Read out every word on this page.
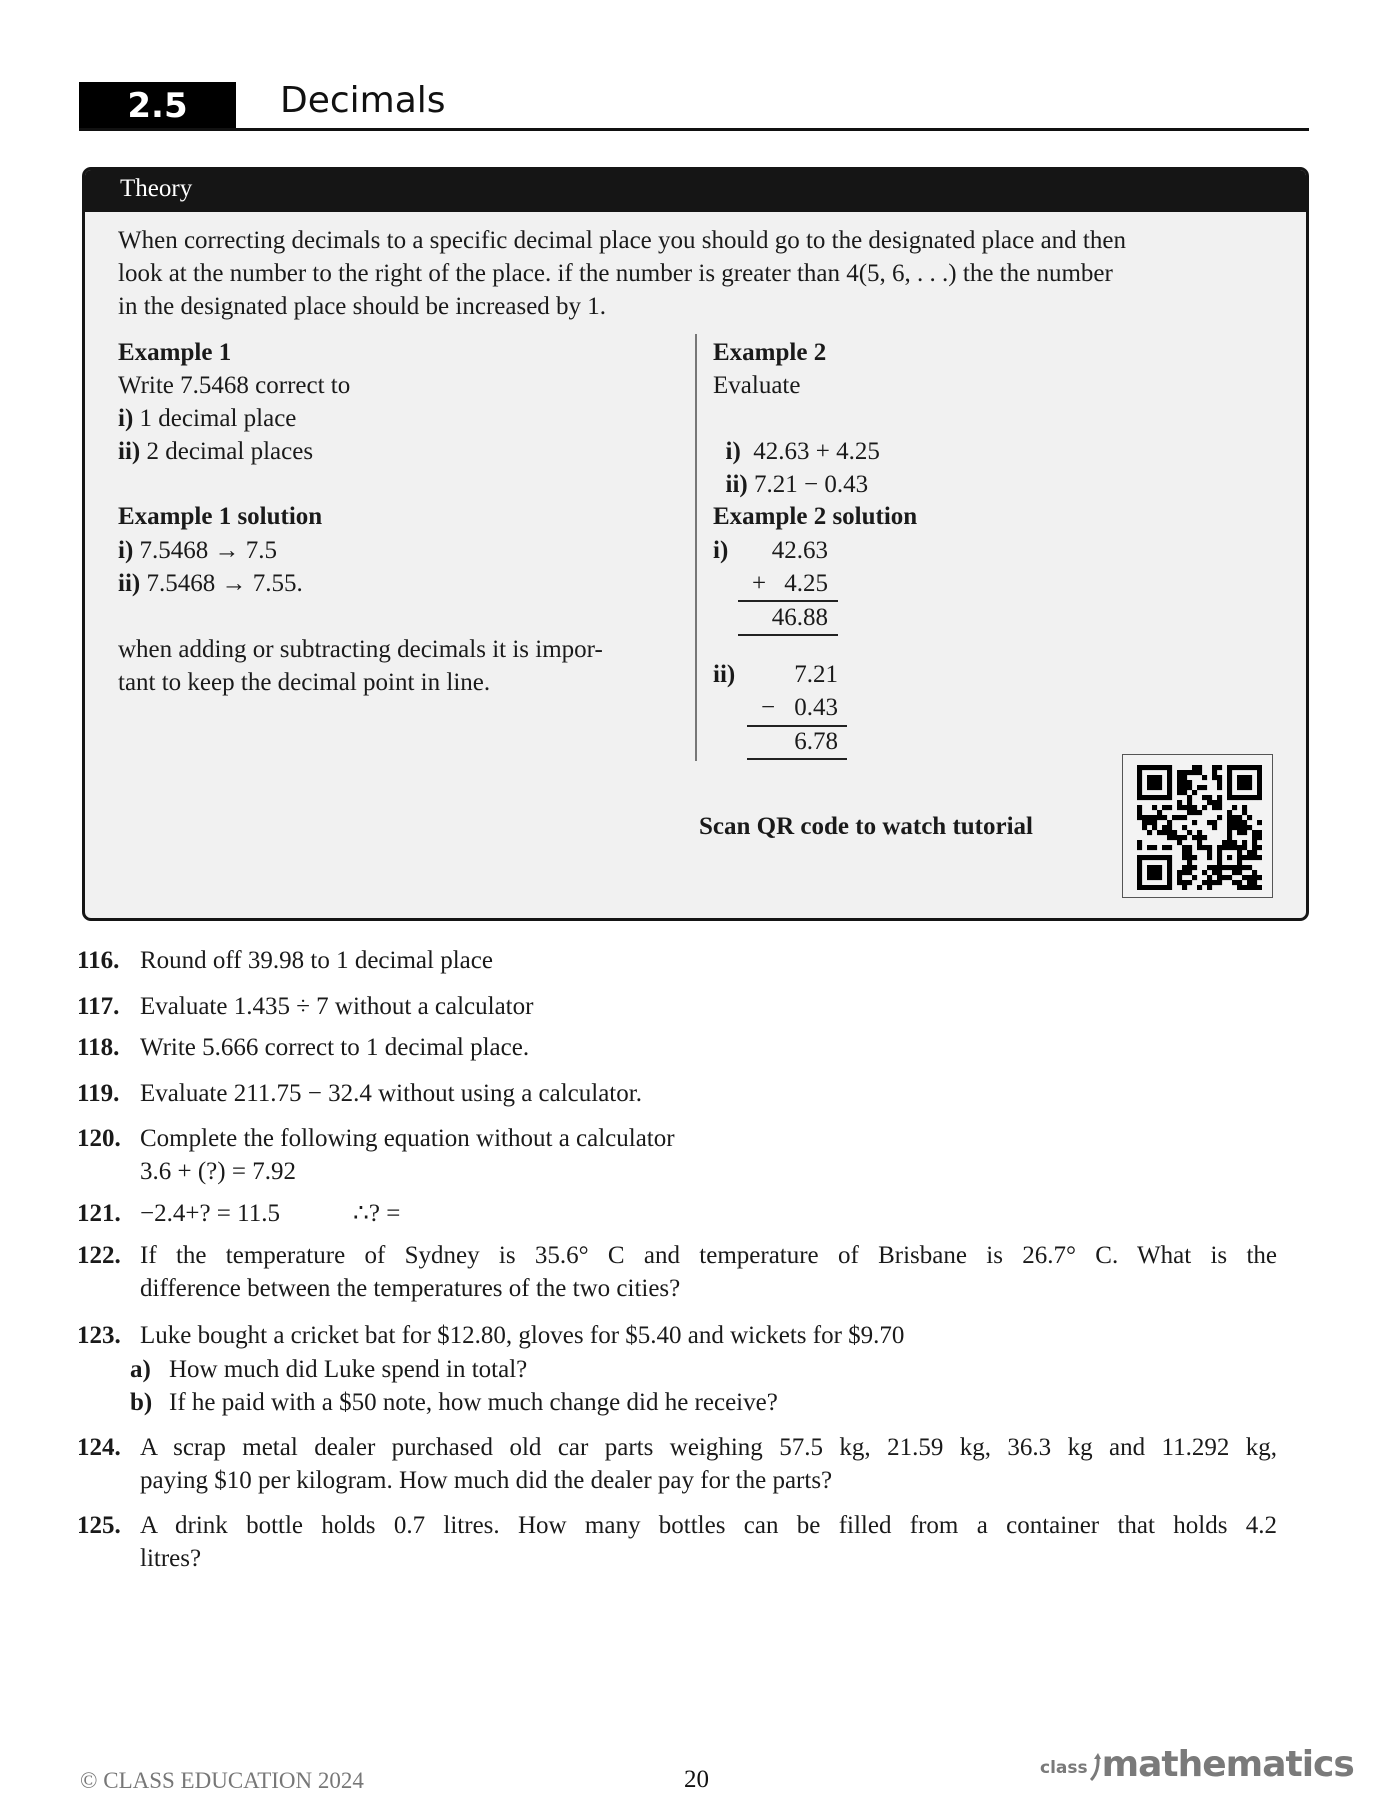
2.5	Decimals
Theory
When correcting decimals to a specific decimal place you should go to the designated place and then
look at the number to the right of the place. if the number is greater than 4(5, 6, . . .) the the number
in the designated place should be increased by 1.
Example 1
Write 7.5468 correct to
i) 1 decimal place
ii) 2 decimal places
Example 1 solution
i) 7.5468 → 7.5
ii) 7.5468 → 7.55.
when adding or subtracting decimals it is impor-
tant to keep the decimal point in line.
Example 2
Evaluate

i)  42.63 + 4.25

ii) 7.21 − 0.43

Example 2 solution
i)	42.63
+ 4.25
46.88
ii)	7.21
− 0.43
6.78
Scan QR code to watch tutorial
116. Round off 39.98 to 1 decimal place
117. Evaluate 1.435 ÷ 7 without a calculator
118. Write 5.666 correct to 1 decimal place.
119. Evaluate 211.75 − 32.4 without using a calculator.
120. Complete the following equation without a calculator
3.6 + (?) = 7.92
121. −2.4+? = 11.5	∴? =
122. If the temperature of Sydney is 35.6° C and temperature of Brisbane is 26.7° C. What is the
difference between the temperatures of the two cities?
123. Luke bought a cricket bat for $12.80, gloves for $5.40 and wickets for $9.70
a) How much did Luke spend in total?
b) If he paid with a $50 note, how much change did he receive?
124. A scrap metal dealer purchased old car parts weighing 57.5 kg, 21.59 kg, 36.3 kg and 11.292 kg,
paying $10 per kilogram. How much did the dealer pay for the parts?
125. A drink bottle holds 0.7 litres. How many bottles can be filled from a container that holds 4.2
litres?
© CLASS EDUCATION 2024	20	class mathematics
